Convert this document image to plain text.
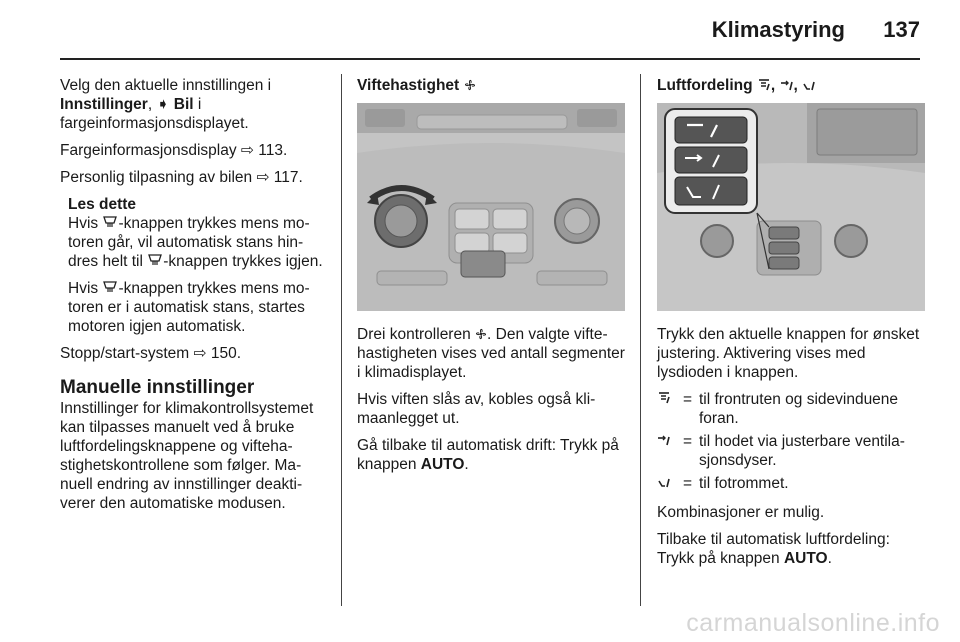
Klimastyring 137

Velg den aktuelle innstillingen i
Innstillinger, ➧ Bil i fargeinformasjonsdisplayet.

Fargeinformasjonsdisplay ⇨ 113.

Personlig tilpasning av bilen ⇨ 117.

Les dette

Hvis -knappen trykkes mens motoren går, vil automatisk stans hindres helt til -knappen trykkes igjen.

Hvis -knappen trykkes mens motoren er i automatisk stans, startes motoren igjen automatisk.

Stopp/start-system ⇨ 150.

Manuelle innstillinger

Innstillinger for klimakontrollsystemet kan tilpasses manuelt ved å bruke luftfordelingsknappene og viftehastighetskontrollene som følger. Manuell endring av innstillinger deaktiverer den automatiske modusen.

Viftehastighet

Drei kontrolleren . Den valgte viftehastigheten vises ved antall segmenter i klimadisplayet.

Hvis viften slås av, kobles også klimaanlegget ut.

Gå tilbake til automatisk drift: Trykk på knappen AUTO.

Luftfordeling , ,

Trykk den aktuelle knappen for ønsket justering. Aktivering vises med lysdioden i knappen.

= til frontruten og sidevinduene foran.
= til hodet via justerbare ventilasjonsdyser.
= til fotrommet.

Kombinasjoner er mulig.

Tilbake til automatisk luftfordeling: Trykk på knappen AUTO.

carmanualsonline.info
